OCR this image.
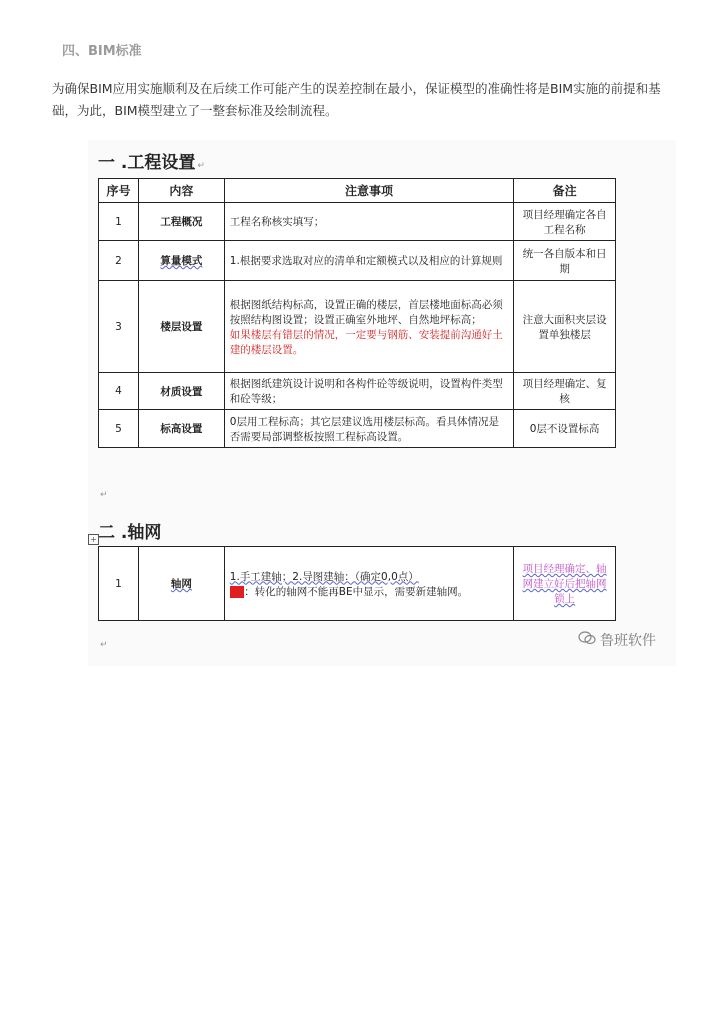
四、BIM标准
为确保BIM应用实施顺利及在后续工作可能产生的误差控制在最小，保证模型的准确性将是BIM实施的前提和基础，为此，BIM模型建立了一整套标准及绘制流程。
一 .工程设置 ↵
序号	内容	注意事项	备注
1	工程概况	工程名称核实填写；	项目经理确定各自工程名称
2	算量模式	1.根据要求选取对应的清单和定额模式以及相应的计算规则	统一各自版本和日期
3	楼层设置	根据图纸结构标高，设置正确的楼层，首层楼地面标高必须按照结构图设置；设置正确室外地坪、自然地坪标高；
如果楼层有错层的情况，一定要与钢筋、安装提前沟通好土建的楼层设置。	注意大面积夹层设置单独楼层
4	材质设置	根据图纸建筑设计说明和各构件砼等级说明，设置构件类型和砼等级；	项目经理确定、复核
5	标高设置	0层用工程标高；其它层建议选用楼层标高。看具体情况是否需要局部调整板按照工程标高设置。	0层不设置标高
↵
二 .轴网
+
1	轴网	1.手工建轴；2.导图建轴：（确定0,0点）
注 ：转化的轴网不能再BE中显示，需要新建轴网。	项目经理确定、轴网建立好后把轴网锁上
鲁班软件
↵
